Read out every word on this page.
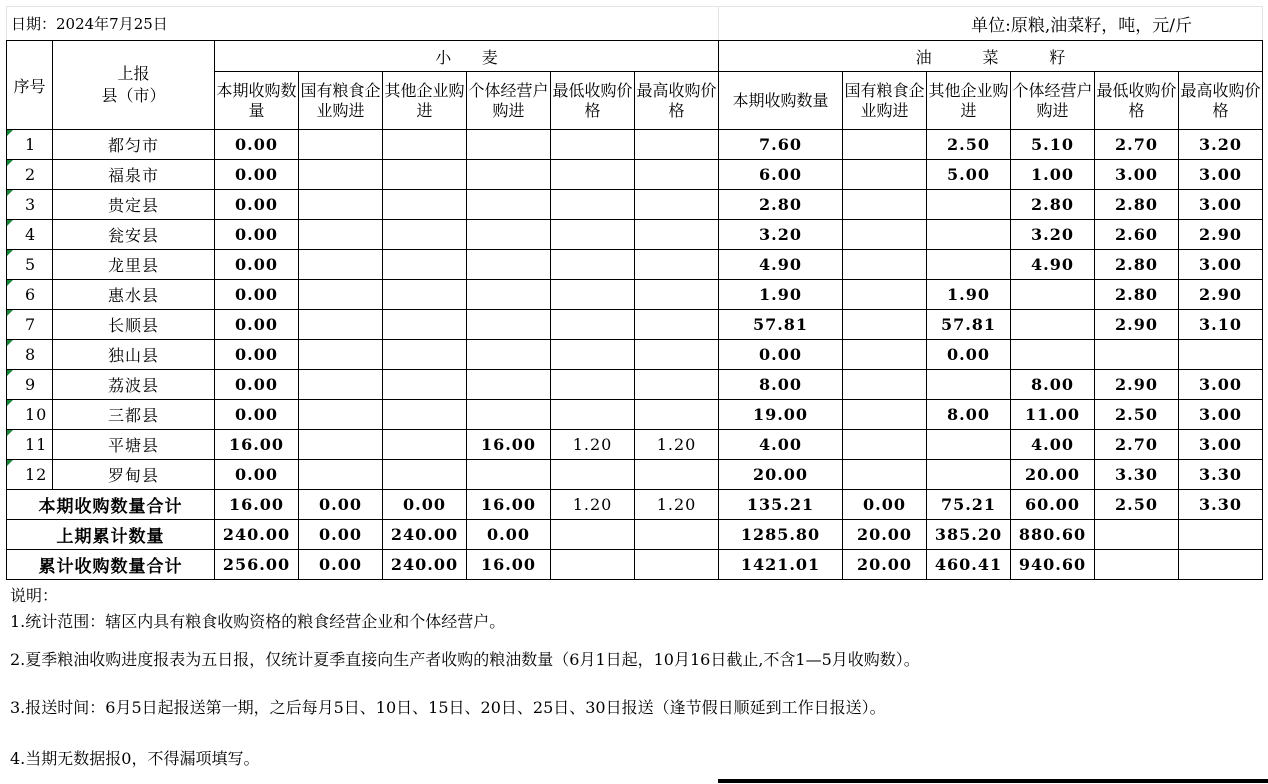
日期：2024年7月25日								单位:原粮,油菜籽，吨，元/斤					
序号	上报
县（市）	小      麦						油          菜          籽					
		本期收购数量	国有粮食企业购进	其他企业购进	个体经营户购进	最低收购价格	最高收购价格	本期收购数量	国有粮食企业购进	其他企业购进	个体经营户购进	最低收购价格	最高收购价格
1	都匀市	0.00						7.60		2.50	5.10	2.70	3.20
2	福泉市	0.00						6.00		5.00	1.00	3.00	3.00
3	贵定县	0.00						2.80			2.80	2.80	3.00
4	瓮安县	0.00						3.20			3.20	2.60	2.90
5	龙里县	0.00						4.90			4.90	2.80	3.00
6	惠水县	0.00						1.90		1.90		2.80	2.90
7	长顺县	0.00						57.81		57.81		2.90	3.10
8	独山县	0.00						0.00		0.00			
9	荔波县	0.00						8.00			8.00	2.90	3.00
10	三都县	0.00						19.00		8.00	11.00	2.50	3.00
11	平塘县	16.00			16.00	1.20	1.20	4.00			4.00	2.70	3.00
12	罗甸县	0.00						20.00			20.00	3.30	3.30
本期收购数量合计		16.00	0.00	0.00	16.00	1.20	1.20	135.21	0.00	75.21	60.00	2.50	3.30
上期累计数量		240.00	0.00	240.00	0.00			1285.80	20.00	385.20	880.60		
累计收购数量合计		256.00	0.00	240.00	16.00			1421.01	20.00	460.41	940.60		
说明：
1.统计范围：辖区内具有粮食收购资格的粮食经营企业和个体经营户。
2.夏季粮油收购进度报表为五日报，仅统计夏季直接向生产者收购的粮油数量（6月1日起，10月16日截止,不含1—5月收购数）。
3.报送时间：6月5日起报送第一期，之后每月5日、10日、15日、20日、25日、30日报送（逢节假日顺延到工作日报送）。
4.当期无数据报0，不得漏项填写。
